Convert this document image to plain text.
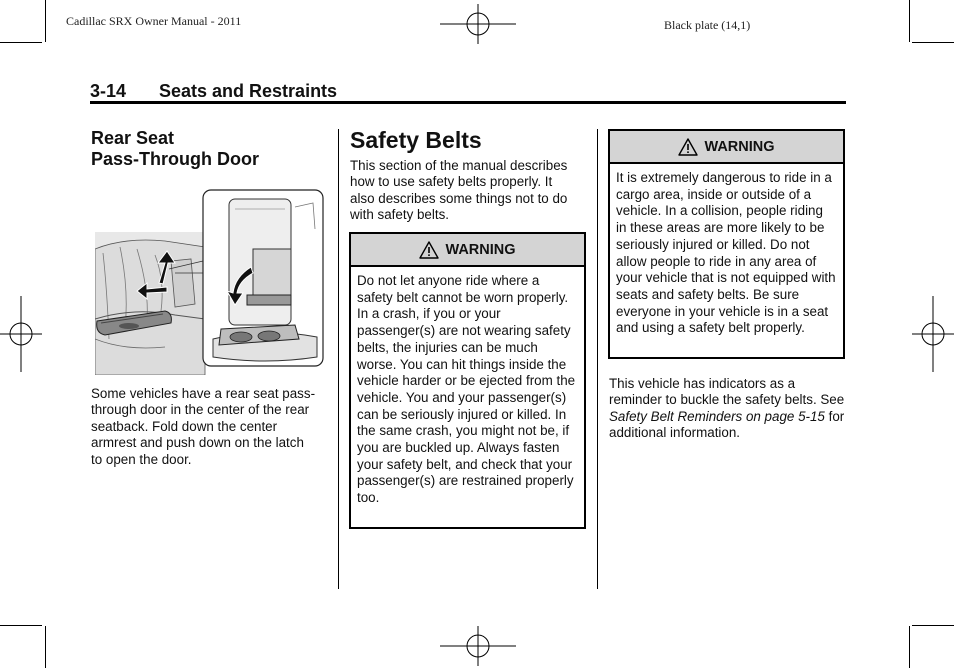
Cadillac SRX Owner Manual - 2011	Black plate (14,1)
3-14 Seats and Restraints
Rear Seat
Pass-Through Door

Some vehicles have a rear seat pass-through door in the center of the rear seatback. Fold down the center armrest and push down on the latch to open the door.

Safety Belts

This section of the manual describes how to use safety belts properly. It also describes some things not to do with safety belts.

WARNING
Do not let anyone ride where a safety belt cannot be worn properly. In a crash, if you or your passenger(s) are not wearing safety belts, the injuries can be much worse. You can hit things inside the vehicle harder or be ejected from the vehicle. You and your passenger(s) can be seriously injured or killed. In the same crash, you might not be, if you are buckled up. Always fasten your safety belt, and check that your passenger(s) are restrained properly too.
WARNING
It is extremely dangerous to ride in a cargo area, inside or outside of a vehicle. In a collision, people riding in these areas are more likely to be seriously injured or killed. Do not allow people to ride in any area of your vehicle that is not equipped with seats and safety belts. Be sure everyone in your vehicle is in a seat and using a safety belt properly.

This vehicle has indicators as a reminder to buckle the safety belts. See Safety Belt Reminders on page 5-15 for additional information.
